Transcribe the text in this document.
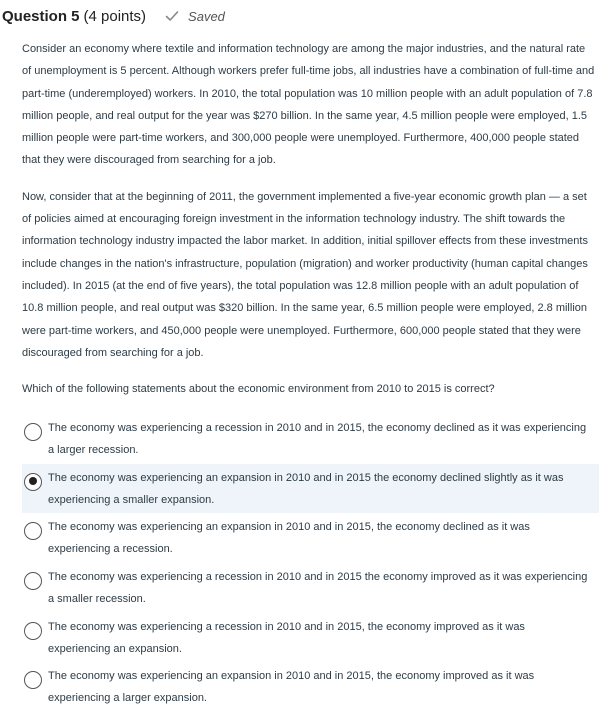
Question 5 (4 points)	Saved

Consider an economy where textile and information technology are among the major industries, and the natural rate of unemployment is 5 percent. Although workers prefer full-time jobs, all industries have a combination of full-time and part-time (underemployed) workers. In 2010, the total population was 10 million people with an adult population of 7.8 million people, and real output for the year was $270 billion. In the same year, 4.5 million people were employed, 1.5 million people were part-time workers, and 300,000 people were unemployed. Furthermore, 400,000 people stated that they were discouraged from searching for a job.

Now, consider that at the beginning of 2011, the government implemented a five-year economic growth plan — a set of policies aimed at encouraging foreign investment in the information technology industry. The shift towards the information technology industry impacted the labor market. In addition, initial spillover effects from these investments include changes in the nation's infrastructure, population (migration) and worker productivity (human capital changes included). In 2015 (at the end of five years), the total population was 12.8 million people with an adult population of 10.8 million people, and real output was $320 billion. In the same year, 6.5 million people were employed, 2.8 million were part-time workers, and 450,000 people were unemployed. Furthermore, 600,000 people stated that they were discouraged from searching for a job.

Which of the following statements about the economic environment from 2010 to 2015 is correct?
The economy was experiencing a recession in 2010 and in 2015, the economy declined as it was experiencing a larger recession.
The economy was experiencing an expansion in 2010 and in 2015 the economy declined slightly as it was experiencing a smaller expansion.
The economy was experiencing an expansion in 2010 and in 2015, the economy declined as it was experiencing a recession.
The economy was experiencing a recession in 2010 and in 2015 the economy improved as it was experiencing a smaller recession.
The economy was experiencing a recession in 2010 and in 2015, the economy improved as it was experiencing an expansion.
The economy was experiencing an expansion in 2010 and in 2015, the economy improved as it was experiencing a larger expansion.
